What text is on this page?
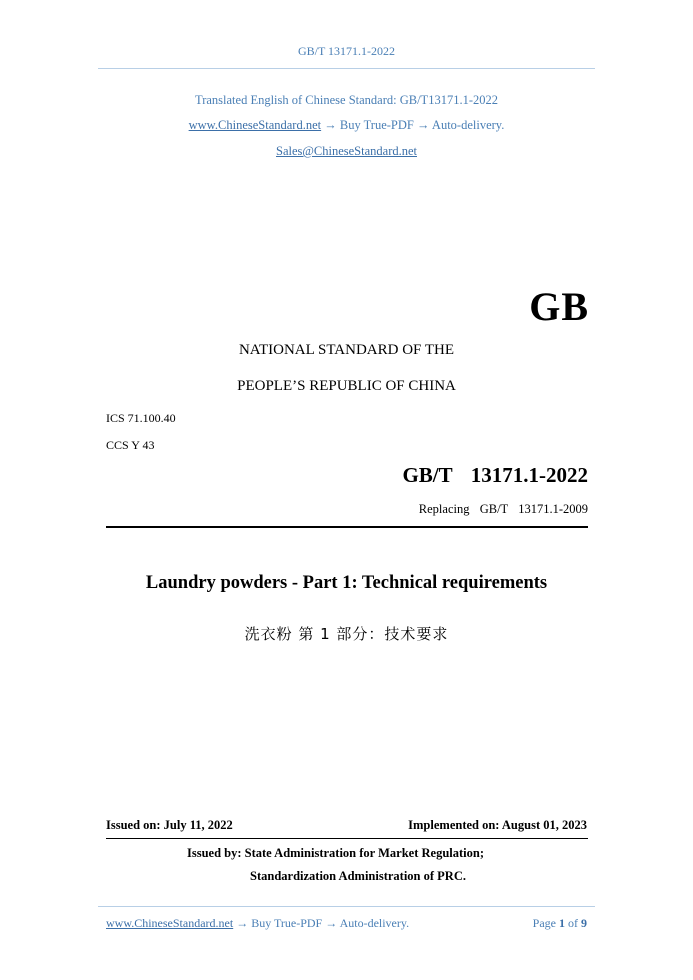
GB/T 13171.1-2022
Translated English of Chinese Standard: GB/T13171.1-2022
www.ChineseStandard.net → Buy True-PDF → Auto-delivery.
Sales@ChineseStandard.net
GB
NATIONAL STANDARD OF THE
PEOPLE’S REPUBLIC OF CHINA
ICS 71.100.40
CCS Y 43
GB/T  13171.1-2022
Replacing  GB/T  13171.1-2009
Laundry powders - Part 1: Technical requirements
洗衣粉 第 1 部分：技术要求
Issued on: July 11, 2022	Implemented on: August 01, 2023
Issued by: State Administration for Market Regulation;
Standardization Administration of PRC.
www.ChineseStandard.net → Buy True-PDF → Auto-delivery.	Page 1 of 9
